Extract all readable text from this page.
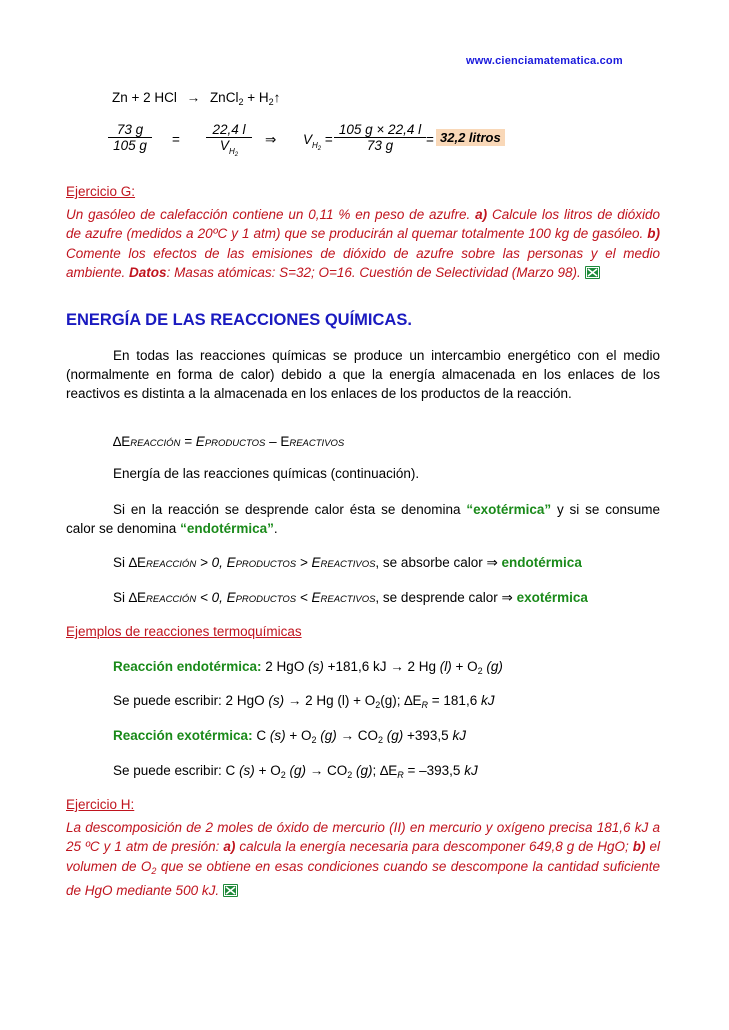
www.cienciamatematica.com
Zn + 2 HCl → ZnCl$_2$ + $H_2↑$
73 g
105 g	=
22,4 l
$V_{H2}$
⇒ $V_{H2}$ =
105 g × 22,4 l
73 g	= 32,2 litros
Ejercicio G:
Un gasóleo de calefacción contiene un 0,11 % en peso de azufre. a) Calcule los litros de dióxido de azufre (medidos a 20ºC y 1 atm) que se producirán al quemar totalmente 100 kg de gasóleo. b) Comente los efectos de las emisiones de dióxido de azufre sobre las personas y el medio ambiente. Datos: Masas atómicas: S=32; O=16. Cuestión de Selectividad (Marzo 98).
ENERGÍA DE LAS REACCIONES QUÍMICAS.
En todas las reacciones químicas se produce un intercambio energético con el medio (normalmente en forma de calor) debido a que la energía almacenada en los enlaces de los reactivos es distinta a la almacenada en los enlaces de los productos de la reacción.
∆EREACCIÓN = EPRODUCTOS – EREACTIVOS
Energía de las reacciones químicas (continuación).
Si en la reacción se desprende calor ésta se denomina “exotérmica” y si se consume calor se denomina “endotérmica”.
Si ∆EREACCIÓN > 0, EPRODUCTOS > EREACTIVOS, se absorbe calor ⇒ endotérmica
Si ∆EREACCIÓN < 0, EPRODUCTOS < EREACTIVOS, se desprende calor ⇒ exotérmica
Ejemplos de reacciones termoquímicas
Reacción endotérmica: 2 HgO (s) +181,6 kJ → 2 Hg $(l) + O_2$ (g)
Se puede escribir: 2 HgO (s) → 2 Hg $(l) + O_2(g)$; $\Delta E_R = 181,6$ kJ
Reacción exotérmica: C $(s) + O_2$ $(g) \to CO_2$ (g) +393,5 kJ
Se puede escribir: C $(s) + O_2$ $(g) \to CO_2$ (g); $\Delta E_R = -393,5$ kJ
Ejercicio H:
La descomposición de 2 moles de óxido de mercurio (II) en mercurio y oxígeno precisa 181,6 kJ a 25 ºC y 1 atm de presión: a) calcula la energía necesaria para descomponer 649,8 g de HgO; b) el volumen de $O_2$ que se obtiene en esas condiciones cuando se descompone la cantidad suficiente de HgO mediante 500 kJ.
